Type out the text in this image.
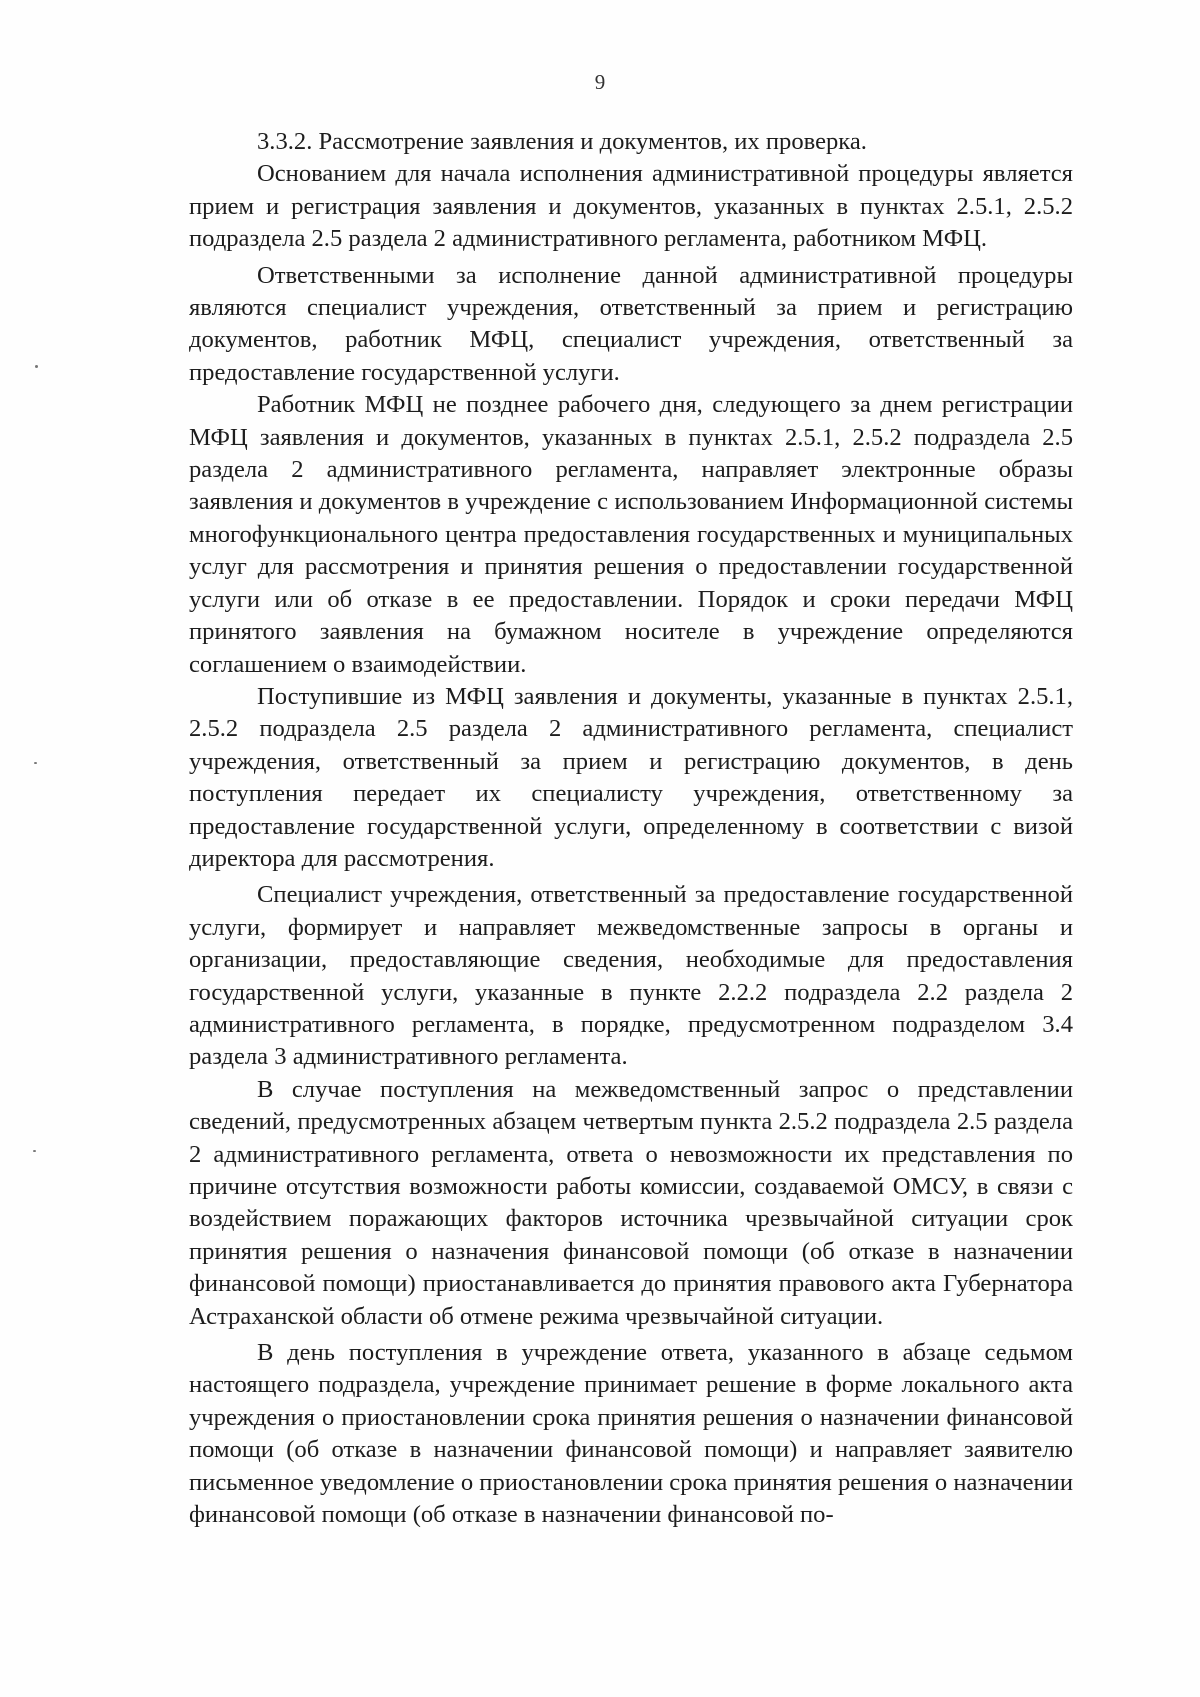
9

3.3.2. Рассмотрение заявления и документов, их проверка.

Основанием для начала исполнения административной процедуры является прием и регистрация заявления и документов, указанных в пунктах 2.5.1, 2.5.2 подраздела 2.5 раздела 2 административного регламента, работником МФЦ.

Ответственными за исполнение данной административной процедуры являются специалист учреждения, ответственный за прием и регистрацию документов, работник МФЦ, специалист учреждения, ответственный за предоставление государственной услуги.

Работник МФЦ не позднее рабочего дня, следующего за днем регистрации МФЦ заявления и документов, указанных в пунктах 2.5.1, 2.5.2 подраздела 2.5 раздела 2 административного регламента, направляет электронные образы заявления и документов в учреждение с использованием Информационной системы многофункционального центра предоставления государственных и муниципальных услуг для рассмотрения и принятия решения о предоставлении государственной услуги или об отказе в ее предоставлении. Порядок и сроки передачи МФЦ принятого заявления на бумажном носителе в учреждение определяются соглашением о взаимодействии.

Поступившие из МФЦ заявления и документы, указанные в пунктах 2.5.1, 2.5.2 подраздела 2.5 раздела 2 административного регламента, специалист учреждения, ответственный за прием и регистрацию документов, в день поступления передает их специалисту учреждения, ответственному за предоставление государственной услуги, определенному в соответствии с визой директора для рассмотрения.

Специалист учреждения, ответственный за предоставление государственной услуги, формирует и направляет межведомственные запросы в органы и организации, предоставляющие сведения, необходимые для предоставления государственной услуги, указанные в пункте 2.2.2 подраздела 2.2 раздела 2 административного регламента, в порядке, предусмотренном подразделом 3.4 раздела 3 административного регламента.

В случае поступления на межведомственный запрос о представлении сведений, предусмотренных абзацем четвертым пункта 2.5.2 подраздела 2.5 раздела 2 административного регламента, ответа о невозможности их представления по причине отсутствия возможности работы комиссии, создаваемой ОМСУ, в связи с воздействием поражающих факторов источника чрезвычайной ситуации срок принятия решения о назначения финансовой помощи (об отказе в назначении финансовой помощи) приостанавливается до принятия правового акта Губернатора Астраханской области об отмене режима чрезвычайной ситуации.

В день поступления в учреждение ответа, указанного в абзаце седьмом настоящего подраздела, учреждение принимает решение в форме локального акта учреждения о приостановлении срока принятия решения о назначении финансовой помощи (об отказе в назначении финансовой помощи) и направляет заявителю письменное уведомление о приостановлении срока принятия решения о назначении финансовой помощи (об отказе в назначении финансовой по-
